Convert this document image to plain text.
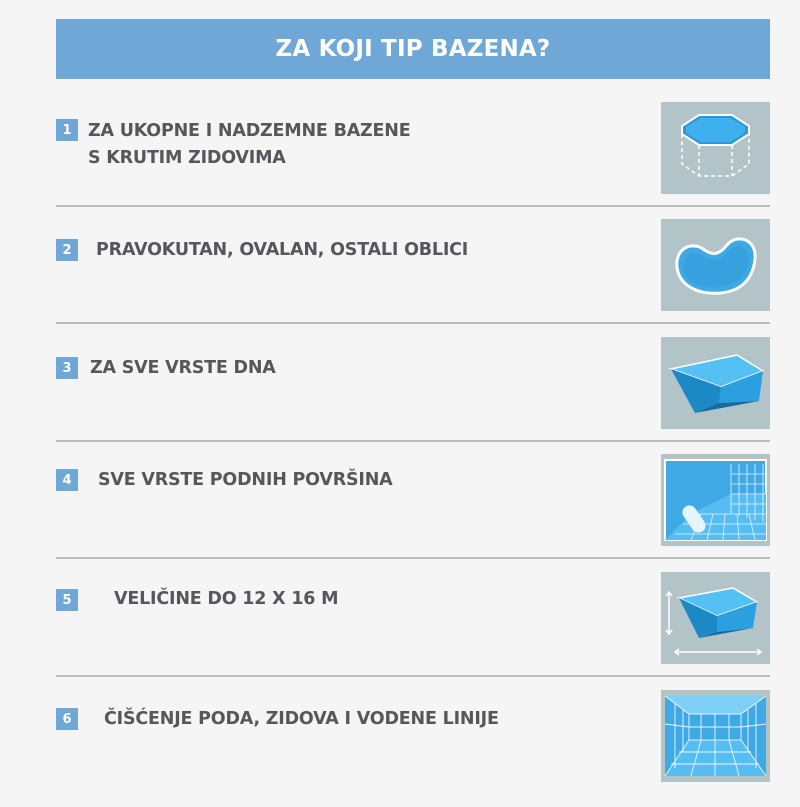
ZA KOJI TIP BAZENA?
1 ZA UKOPNE I NADZEMNE BAZENE
S KRUTIM ZIDOVIMA
2	PRAVOKUTAN, OVALAN, OSTALI OBLICI
3	ZA SVE VRSTE DNA
4	SVE VRSTE PODNIH POVRŠINA
5	VELIČINE DO 12 X 16 M
6	ČIŠĆENJE PODA, ZIDOVA I VODENE LINIJE
